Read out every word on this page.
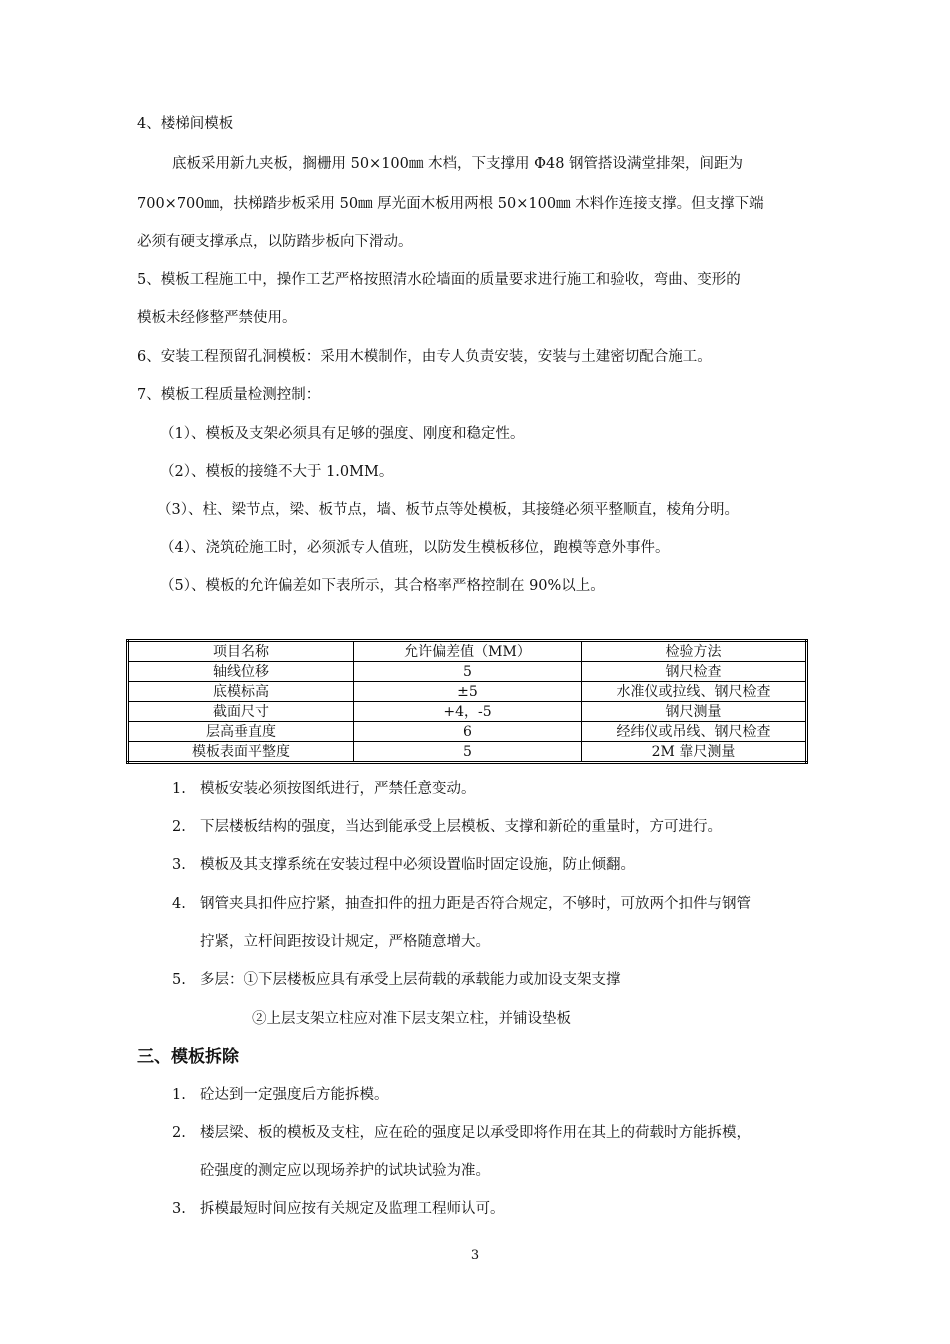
4、楼梯间模板
底板采用新九夹板，搁栅用 50×100㎜ 木档，下支撑用 Φ48 钢管搭设满堂排架，间距为
700×700㎜，扶梯踏步板采用 50㎜ 厚光面木板用两根 50×100㎜ 木料作连接支撑。但支撑下端
必须有硬支撑承点，以防踏步板向下滑动。
5、模板工程施工中，操作工艺严格按照清水砼墙面的质量要求进行施工和验收，弯曲、变形的
模板未经修整严禁使用。
6、安装工程预留孔洞模板：采用木模制作，由专人负责安装，安装与土建密切配合施工。
7、模板工程质量检测控制：
（1）、模板及支架必须具有足够的强度、刚度和稳定性。
（2）、模板的接缝不大于 1.0MM。
（3）、柱、梁节点，梁、板节点，墙、板节点等处模板，其接缝必须平整顺直，棱角分明。
（4）、浇筑砼施工时，必须派专人值班，以防发生模板移位，跑模等意外事件。
（5）、模板的允许偏差如下表所示，其合格率严格控制在 90%以上。
项目名称	允许偏差值（MM）	检验方法
轴线位移	5	钢尺检查
底模标高	±5	水准仪或拉线、钢尺检查
截面尺寸	+4，-5	钢尺测量
层高垂直度	6	经纬仪或吊线、钢尺检查
模板表面平整度	5	2M 靠尺测量
1. 模板安装必须按图纸进行，严禁任意变动。
2. 下层楼板结构的强度，当达到能承受上层模板、支撑和新砼的重量时，方可进行。
3. 模板及其支撑系统在安装过程中必须设置临时固定设施，防止倾翻。
4. 钢管夹具扣件应拧紧，抽查扣件的扭力距是否符合规定，不够时，可放两个扣件与钢管
拧紧，立杆间距按设计规定，严格随意增大。
5. 多层：①下层楼板应具有承受上层荷载的承载能力或加设支架支撑
②上层支架立柱应对准下层支架立柱，并铺设垫板
三、模板拆除
1. 砼达到一定强度后方能拆模。
2. 楼层梁、板的模板及支柱，应在砼的强度足以承受即将作用在其上的荷载时方能拆模，
砼强度的测定应以现场养护的试块试验为准。
3. 拆模最短时间应按有关规定及监理工程师认可。
3
